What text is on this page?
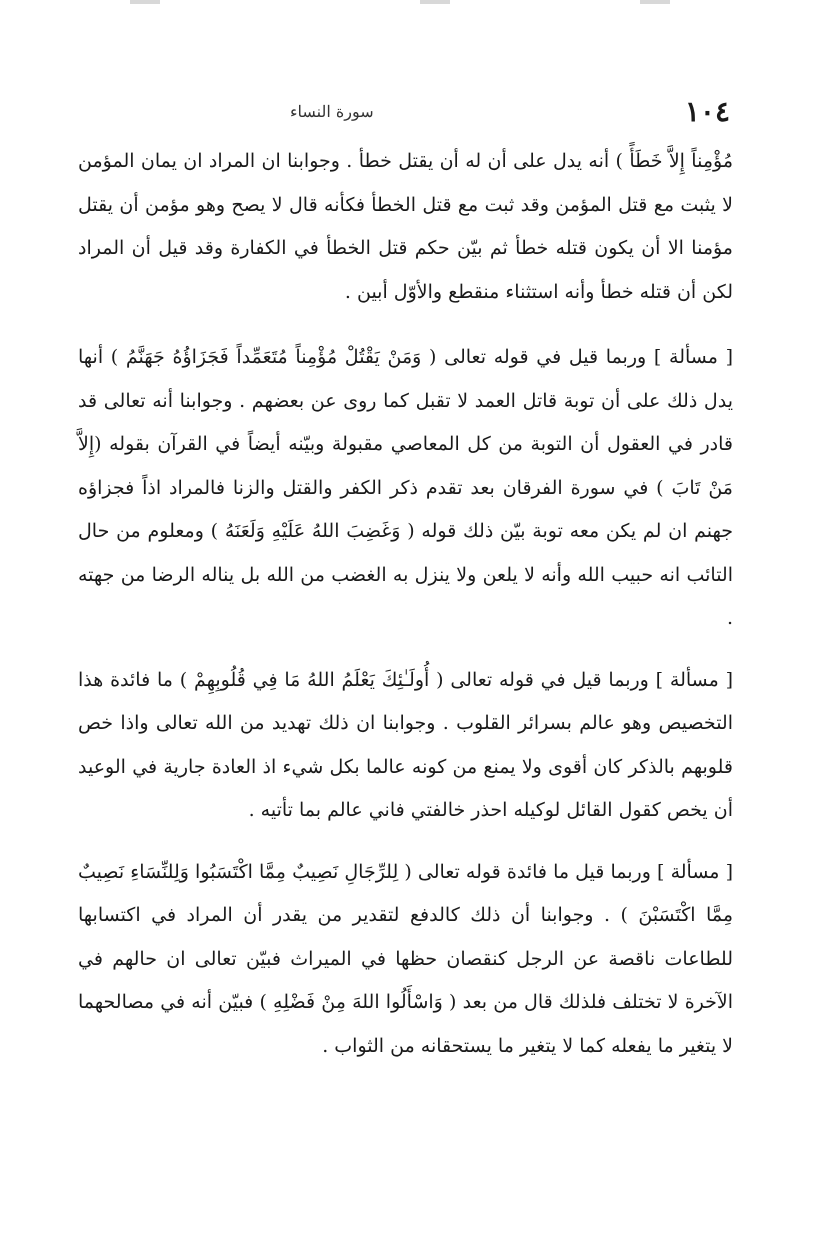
١٠٤
سورة النساء

مُؤْمِناً إِلاَّ خَطَأً ) أنه يدل على أن له أن يقتل خطأ . وجوابنا ان المراد ان يمان المؤمن لا يثبت مع قتل المؤمن وقد ثبت مع قتل الخطأ فكأنه قال لا يصح وهو مؤمن أن يقتل مؤمنا الا أن يكون قتله خطأ ثم بيّن حكم قتل الخطأ في الكفارة وقد قيل أن المراد لكن أن قتله خطأ وأنه استثناء منقطع والأوّل أبين .

[ مسألة ] وربما قيل في قوله تعالى ( وَمَنْ يَقْتُلْ مُؤْمِناً مُتَعَمِّداً فَجَزَاؤُهُ جَهَنَّمُ ) أنها يدل ذلك على أن توبة قاتل العمد لا تقبل كما روى عن بعضهم . وجوابنا أنه تعالى قد قادر في العقول أن التوبة من كل المعاصي مقبولة وبيّنه أيضاً في القرآن بقوله (إِلاَّ مَنْ تَابَ ) في سورة الفرقان بعد تقدم ذكر الكفر والقتل والزنا فالمراد اذاً فجزاؤه جهنم ان لم يكن معه توبة بيّن ذلك قوله ( وَغَضِبَ اللهُ عَلَيْهِ وَلَعَنَهُ ) ومعلوم من حال التائب انه حبيب الله وأنه لا يلعن ولا ينزل به الغضب من الله بل يناله الرضا من جهته .

[ مسألة ] وربما قيل في قوله تعالى ( أُولَـٰئِكَ يَعْلَمُ اللهُ مَا فِي قُلُوبِهِمْ ) ما فائدة هذا التخصيص وهو عالم بسرائر القلوب . وجوابنا ان ذلك تهديد من الله تعالى واذا خص قلوبهم بالذكر كان أقوى ولا يمنع من كونه عالما بكل شيء اذ العادة جارية في الوعيد أن يخص كقول القائل لوكيله احذر خالفتي فاني عالم بما تأتيه .

[ مسألة ] وربما قيل ما فائدة قوله تعالى ( لِلرِّجَالِ نَصِيبٌ مِمَّا اكْتَسَبُوا وَلِلنِّسَاءِ نَصِيبٌ مِمَّا اكْتَسَبْنَ ) . وجوابنا أن ذلك كالدفع لتقدير من يقدر أن المراد في اكتسابها للطاعات ناقصة عن الرجل كنقصان حظها في الميراث فبيّن تعالى ان حالهم في الآخرة لا تختلف فلذلك قال من بعد ( وَاسْأَلُوا اللهَ مِنْ فَضْلِهِ ) فبيّن أنه في مصالحهما لا يتغير ما يفعله كما لا يتغير ما يستحقانه من الثواب .
